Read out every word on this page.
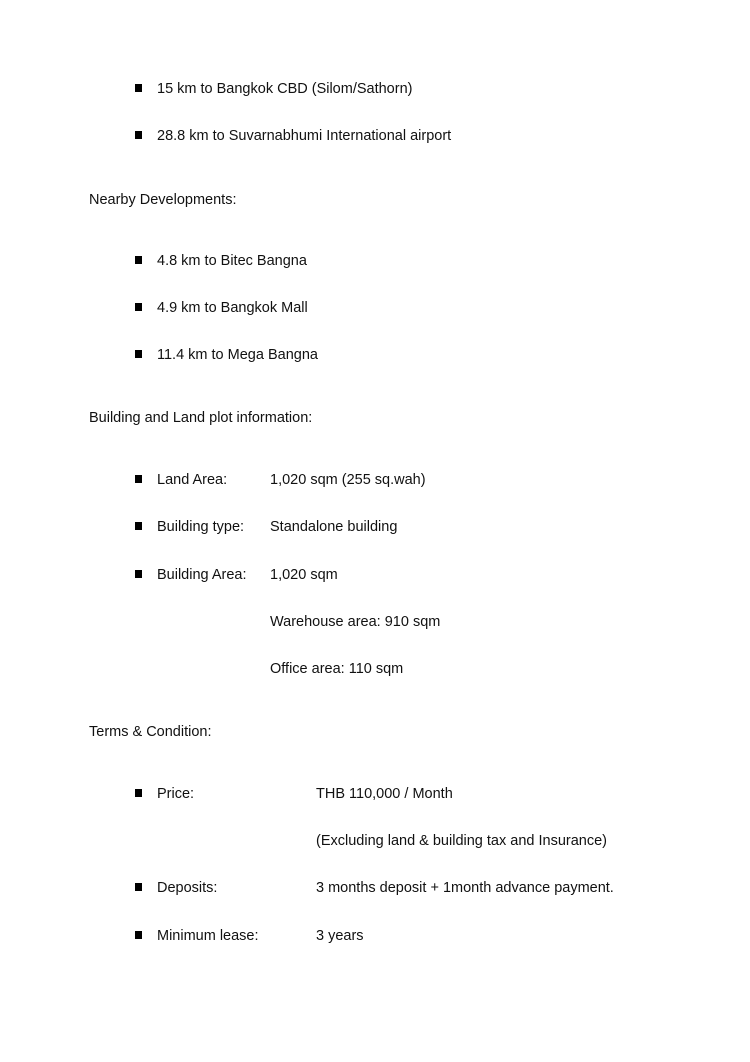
15 km to Bangkok CBD (Silom/Sathorn)
28.8 km to Suvarnabhumi International airport
Nearby Developments:
4.8 km to Bitec Bangna
4.9 km to Bangkok Mall
11.4 km to Mega Bangna
Building and Land plot information:
Land Area:	1,020 sqm (255 sq.wah)
Building type: Standalone building
Building Area: 1,020 sqm
Warehouse area: 910 sqm
Office area: 110 sqm
Terms & Condition:
Price:	THB 110,000 / Month
(Excluding land & building tax and Insurance)
Deposits:	3 months deposit + 1month advance payment.
Minimum lease:	3 years
